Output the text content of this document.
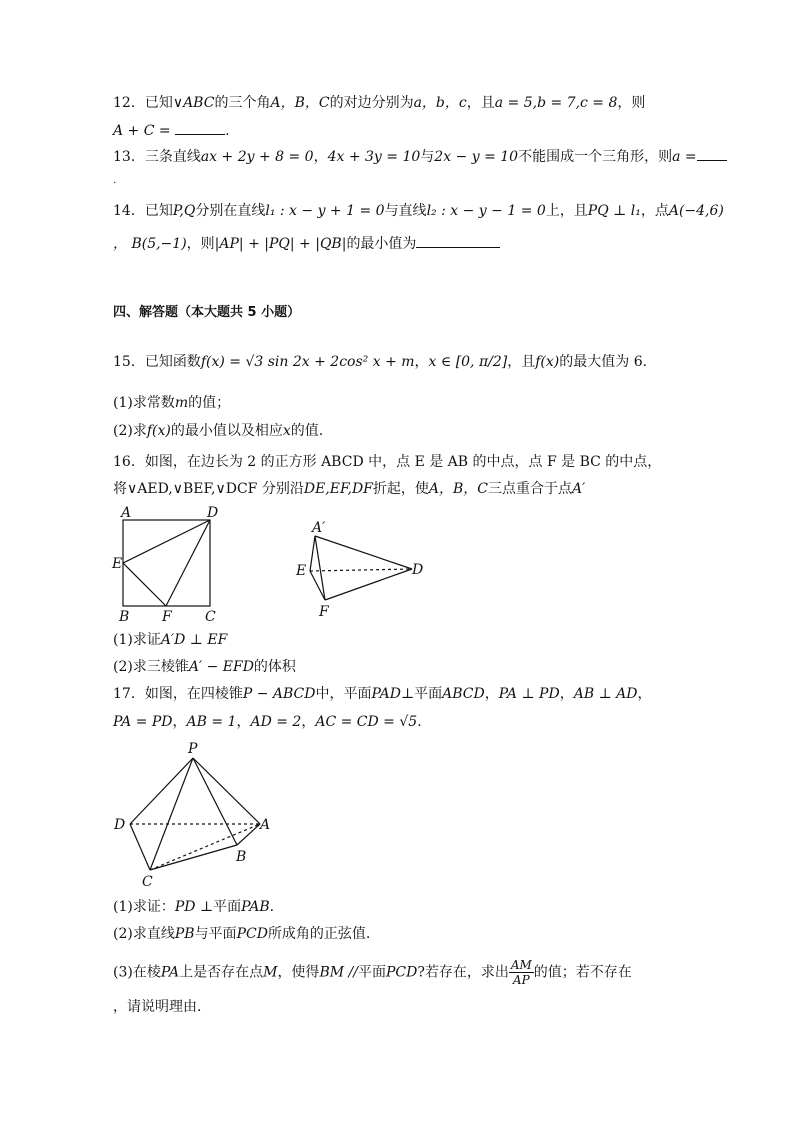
12．已知∨ABC的三个角A，B，C的对边分别为a，b，c，且a = 5,b = 7,c = 8，则
A + C =	.
13．三条直线ax + 2y + 8 = 0，4x + 3y = 10与2x − y = 10不能围成一个三角形，则a =
.
14．已知P,Q分别在直线l₁ : x − y + 1 = 0与直线l₂ : x − y − 1 = 0上，且PQ ⊥ l₁，点A(−4,6)
， B(5,−1)，则|AP| + |PQ| + |QB|的最小值为
四、解答题（本大题共 5 小题）
15．已知函数f(x) = √3 sin 2x + 2cos² x + m，x ∈ [0, π/2]，且f(x)的最大值为 6.
(1)求常数m的值；
(2)求f(x)的最小值以及相应x的值.
16．如图，在边长为 2 的正方形 ABCD 中，点 E 是 AB 的中点，点 F 是 BC 的中点，
将∨AED,∨BEF,∨DCF 分别沿DE,EF,DF折起，使A，B，C三点重合于点A′
A	D
E
B F C
A′
E	D
F
(1)求证A′D ⊥ EF
(2)求三棱锥A′ − EFD的体积
17．如图，在四棱锥P − ABCD中，平面PAD⊥平面ABCD，PA ⊥ PD，AB ⊥ AD，
PA = PD，AB = 1，AD = 2，AC = CD = √5.
P
D	A
B
C
(1)求证：PD ⊥平面PAB.
(2)求直线PB与平面PCD所成角的正弦值.
(3)在棱PA上是否存在点M，使得BM //平面PCD?若存在，求出 $\frac{AM}{AP}$ 的值；若不存在
，请说明理由.
